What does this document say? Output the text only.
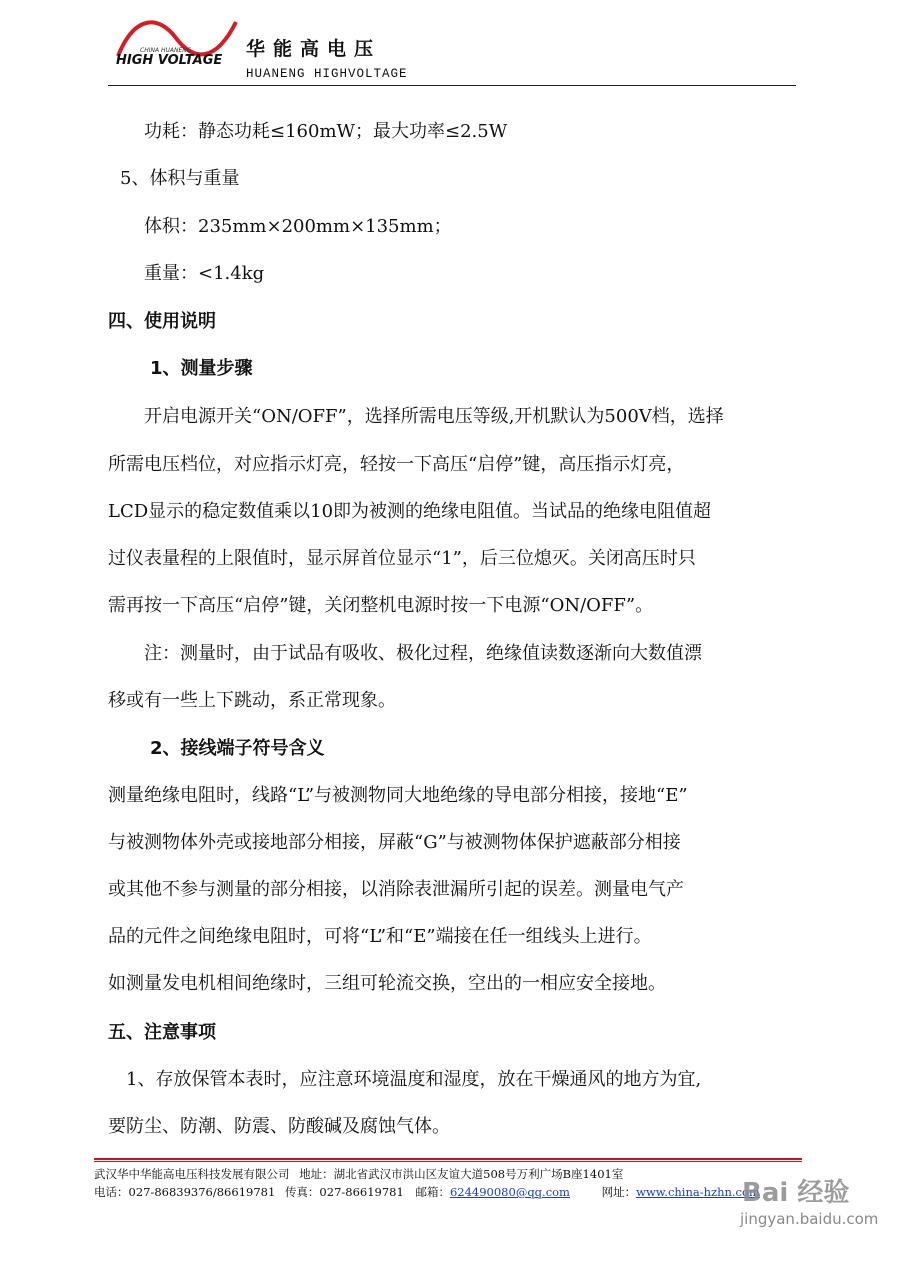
CHINA HUANENG
HIGH VOLTAGE
华能高电压
HUANENG HIGHVOLTAGE
功耗：静态功耗≤160mW；最大功率≤2.5W
5、体积与重量
体积：235mm×200mm×135mm；
重量：<1.4kg
四、使用说明
1、测量步骤
开启电源开关“ON/OFF”，选择所需电压等级,开机默认为500V档，选择
所需电压档位，对应指示灯亮，轻按一下高压“启停”键，高压指示灯亮，
LCD显示的稳定数值乘以10即为被测的绝缘电阻值。当试品的绝缘电阻值超
过仪表量程的上限值时，显示屏首位显示“1”，后三位熄灭。关闭高压时只
需再按一下高压“启停”键，关闭整机电源时按一下电源“ON/OFF”。
注：测量时，由于试品有吸收、极化过程，绝缘值读数逐渐向大数值漂
移或有一些上下跳动，系正常现象。
2、接线端子符号含义
测量绝缘电阻时，线路“L”与被测物同大地绝缘的导电部分相接，接地“E”
与被测物体外壳或接地部分相接，屏蔽“G”与被测物体保护遮蔽部分相接
或其他不参与测量的部分相接，以消除表泄漏所引起的误差。测量电气产
品的元件之间绝缘电阻时，可将“L”和“E”端接在任一组线头上进行。
如测量发电机相间绝缘时，三组可轮流交换，空出的一相应安全接地。
五、注意事项
1、存放保管本表时，应注意环境温度和湿度，放在干燥通风的地方为宜,
要防尘、防潮、防震、防酸碱及腐蚀气体。
武汉华中华能高电压科技发展有限公司 地址：湖北省武汉市洪山区友谊大道508号万利广场B座1401室
电话：027-86839376/86619781 传真：027-86619781 邮箱：624490080@qq.com	网址：www.china-hzhn.com
Bai 经验
jingyan.baidu.com
